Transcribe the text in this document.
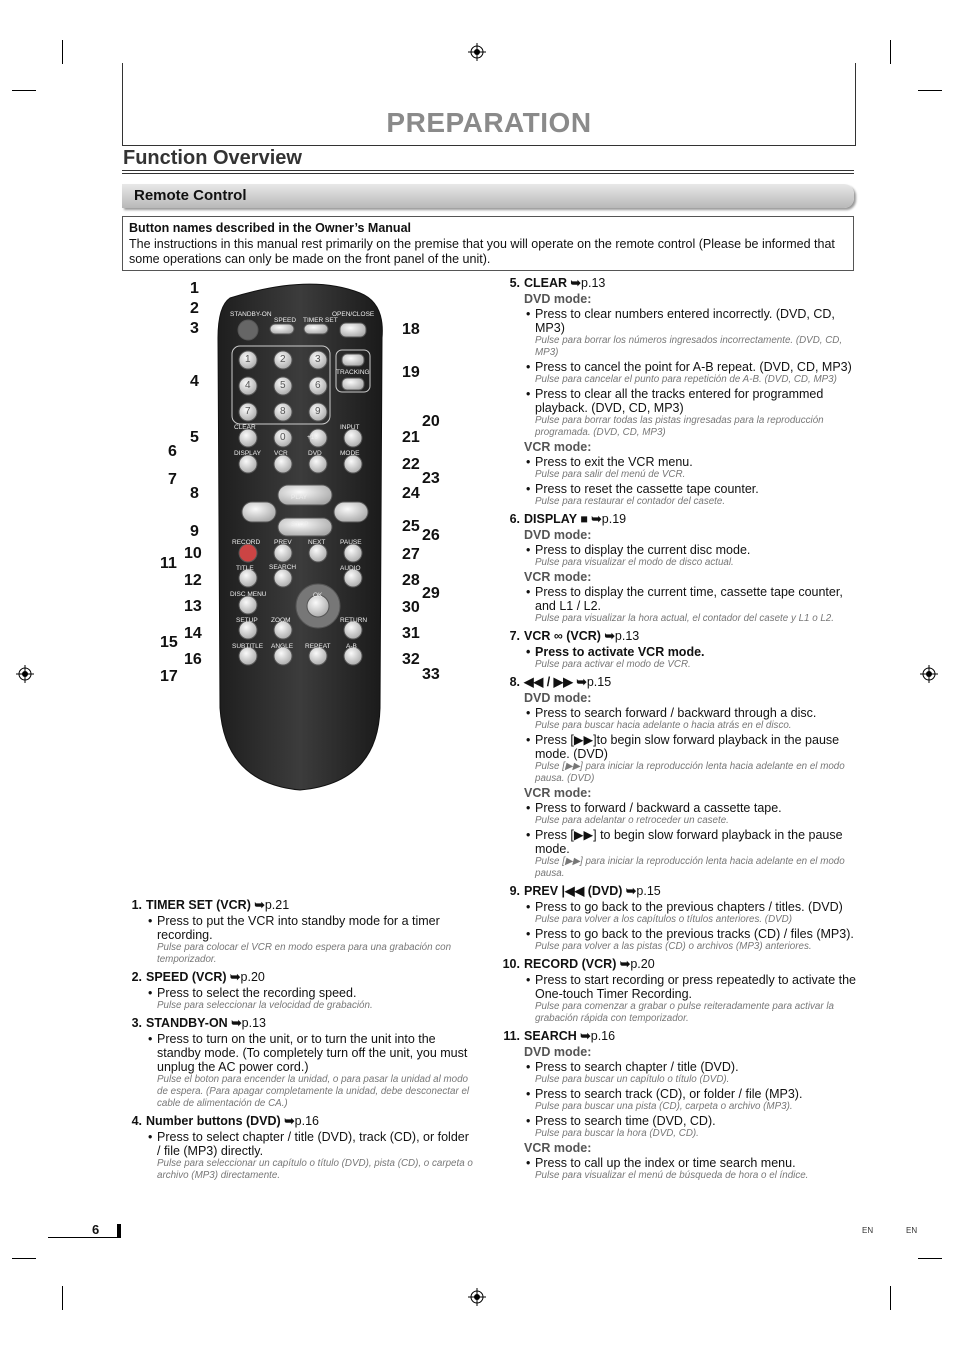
PREPARATION
Function Overview
Remote Control
Button names described in the Owner’s Manual
The instructions in this manual rest primarily on the premise that you will operate on the remote control (Please be informed that some operations can only be made on the front panel of the unit).
STANDBY-ON
SPEED TIMER SET
OPEN/CLOSE
TRACKING
CLEAR
+10
INPUT
DISPLAY VCR	DVD	MODE
PLAY
STOP
RECORD PREV	NEXT PAUSE
TITLE SEARCH	AUDIO
DISC MENU	OK
SETUP ZOOM	RETURN
SUBTITLE ANGLE REPEAT A-B
1	2	3
4	5	6
7	8	9
0
1
2
3
4
5
6
7
8
9
10
11
12
13
14
15
16
17
18
19
20
21
22
23
24
25
26
27
28
29
30
31
32
33
1. TIMER SET (VCR) ➥p.21
• Press to put the VCR into standby mode for a timer recording.
Pulse para colocar el VCR en modo espera para una grabación con temporizador.
2. SPEED (VCR) ➥p.20
• Press to select the recording speed.
Pulse para seleccionar la velocidad de grabación.
3. STANDBY-ON ➥p.13
• Press to turn on the unit, or to turn the unit into the standby mode. (To completely turn off the unit, you must unplug the AC power cord.)
Pulse el boton para encender la unidad, o para pasar la unidad al modo de espera. (Para apagar completamente la unidad, debe desconectar el cable de alimentación de CA.)
4. Number buttons (DVD) ➥p.16
• Press to select chapter / title (DVD), track (CD), or folder / file (MP3) directly.
Pulse para seleccionar un capítulo o título (DVD), pista (CD), o carpeta o archivo (MP3) directamente.
5. CLEAR ➥p.13
DVD mode:
• Press to clear numbers entered incorrectly. (DVD, CD, MP3)
Pulse para borrar los números ingresados incorrectamente. (DVD, CD, MP3)
• Press to cancel the point for A-B repeat. (DVD, CD, MP3)
Pulse para cancelar el punto para repetición de A-B. (DVD, CD, MP3)
• Press to clear all the tracks entered for programmed playback. (DVD, CD, MP3)
Pulse para borrar todas las pistas ingresadas para la reproducción programada. (DVD, CD, MP3)
VCR mode:
• Press to exit the VCR menu.
Pulse para salir del menú de VCR.
• Press to reset the cassette tape counter.
Pulse para restaurar el contador del casete.
6. DISPLAY ■ ➥p.19
DVD mode:
• Press to display the current disc mode.
Pulse para visualizar el modo de disco actual.
VCR mode:
• Press to display the current time, cassette tape counter, and L1 / L2.
Pulse para visualizar la hora actual, el contador del casete y L1 o L2.
7. VCR ∞ (VCR) ➥p.13
• Press to activate VCR mode.
Pulse para activar el modo de VCR.
8. ◀◀ / ▶▶ ➥p.15
DVD mode:
• Press to search forward / backward through a disc.
Pulse para buscar hacia adelante o hacia atrás en el disco.
• Press [▶▶]to begin slow forward playback in the pause mode. (DVD)
Pulse [▶▶] para iniciar la reproducción lenta hacia adelante en el modo pausa. (DVD)
VCR mode:
• Press to forward / backward a cassette tape.
Pulse para adelantar o retroceder un casete.
• Press [▶▶] to begin slow forward playback in the pause mode.
Pulse [▶▶] para iniciar la reproducción lenta hacia adelante en el modo pausa.
9. PREV |◀◀ (DVD) ➥p.15
• Press to go back to the previous chapters / titles. (DVD)
Pulse para volver a los capítulos o títulos anteriores. (DVD)
• Press to go back to the previous tracks (CD) / files (MP3).
Pulse para volver a las pistas (CD) o archivos (MP3) anteriores.
10. RECORD (VCR) ➥p.20
• Press to start recording or press repeatedly to activate the One-touch Timer Recording.
Pulse para comenzar a grabar o pulse reiteradamente para activar la grabación rápida con temporizador.
11. SEARCH ➥p.16
DVD mode:
• Press to search chapter / title (DVD).
Pulse para buscar un capítulo o título (DVD).
• Press to search track (CD), or folder / file (MP3).
Pulse para buscar una pista (CD), carpeta o archivo (MP3).
• Press to search time (DVD, CD).
Pulse para buscar la hora (DVD, CD).
VCR mode:
• Press to call up the index or time search menu.
Pulse para visualizar el menú de búsqueda de hora o el índice.
6	EN	EN
